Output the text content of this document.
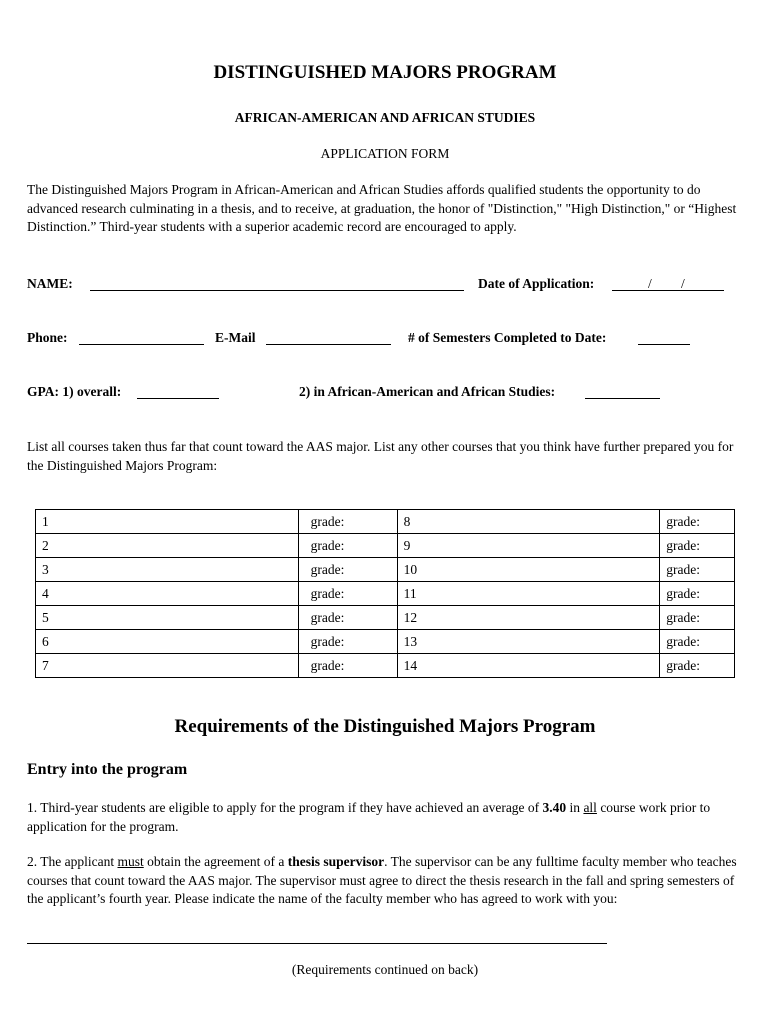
DISTINGUISHED MAJORS PROGRAM
AFRICAN-AMERICAN AND AFRICAN STUDIES
APPLICATION FORM
The Distinguished Majors Program in African-American and African Studies affords qualified students the opportunity to do advanced research culminating in a thesis, and to receive, at graduation, the honor of "Distinction," "High Distinction," or “Highest Distinction.” Third-year students with a superior academic record are encouraged to apply.
NAME:	Date of Application:	/ /
Phone:	E-Mail	# of Semesters Completed to Date:
GPA: 1) overall:	2) in African-American and African Studies:
List all courses taken thus far that count toward the AAS major. List any other courses that you think have further prepared you for the Distinguished Majors Program:
1	grade:	8	grade:
2	grade:	9	grade:
3	grade:	10	grade:
4	grade:	11	grade:
5	grade:	12	grade:
6	grade:	13	grade:
7	grade:	14	grade:
Requirements of the Distinguished Majors Program
Entry into the program
1. Third-year students are eligible to apply for the program if they have achieved an average of 3.40 in all course work prior to application for the program.
2. The applicant must obtain the agreement of a thesis supervisor. The supervisor can be any fulltime faculty member who teaches courses that count toward the AAS major. The supervisor must agree to direct the thesis research in the fall and spring semesters of the applicant’s fourth year. Please indicate the name of the faculty member who has agreed to work with you:
(Requirements continued on back)
